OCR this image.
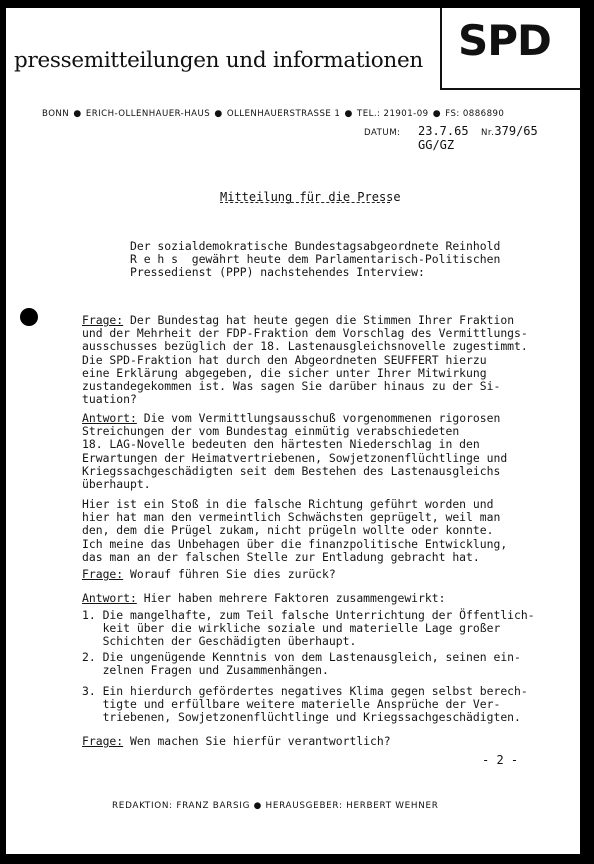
pressemitteilungen und informationen SPD
BONN ● ERICH-OLLENHAUER-HAUS ● OLLENHAUERSTRASSE 1 ● TEL.: 21901-09 ● FS: 0886890
DATUM: 23.7.65 Nr.379/65
GG/GZ
Mitteilung für die Presse
Der sozialdemokratische Bundestagsabgeordnete Reinhold
R e h s  gewährt heute dem Parlamentarisch-Politischen
Pressedienst (PPP) nachstehendes Interview:
Frage: Der Bundestag hat heute gegen die Stimmen Ihrer Fraktion
und der Mehrheit der FDP-Fraktion dem Vorschlag des Vermittlungs-
ausschusses bezüglich der 18. Lastenausgleichsnovelle zugestimmt.
Die SPD-Fraktion hat durch den Abgeordneten SEUFFERT hierzu
eine Erklärung abgegeben, die sicher unter Ihrer Mitwirkung
zustandegekommen ist. Was sagen Sie darüber hinaus zu der Si-
tuation?
Antwort: Die vom Vermittlungsausschuß vorgenommenen rigorosen
Streichungen der vom Bundestag einmütig verabschiedeten
18. LAG-Novelle bedeuten den härtesten Niederschlag in den
Erwartungen der Heimatvertriebenen, Sowjetzonenflüchtlinge und
Kriegssachgeschädigten seit dem Bestehen des Lastenausgleichs
überhaupt.
Hier ist ein Stoß in die falsche Richtung geführt worden und
hier hat man den vermeintlich Schwächsten geprügelt, weil man
den, dem die Prügel zukam, nicht prügeln wollte oder konnte.
Ich meine das Unbehagen über die finanzpolitische Entwicklung,
das man an der falschen Stelle zur Entladung gebracht hat.
Frage: Worauf führen Sie dies zurück?
Antwort: Hier haben mehrere Faktoren zusammengewirkt:
1. Die mangelhafte, zum Teil falsche Unterrichtung der Öffentlich-
keit über die wirkliche soziale und materielle Lage großer
Schichten der Geschädigten überhaupt.
2. Die ungenügende Kenntnis von dem Lastenausgleich, seinen ein-
zelnen Fragen und Zusammenhängen.
3. Ein hierdurch gefördertes negatives Klima gegen selbst berech-
tigte und erfüllbare weitere materielle Ansprüche der Ver-
triebenen, Sowjetzonenflüchtlinge und Kriegssachgeschädigten.
Frage: Wen machen Sie hierfür verantwortlich?
- 2 -
REDAKTION: FRANZ BARSIG ● HERAUSGEBER: HERBERT WEHNER
